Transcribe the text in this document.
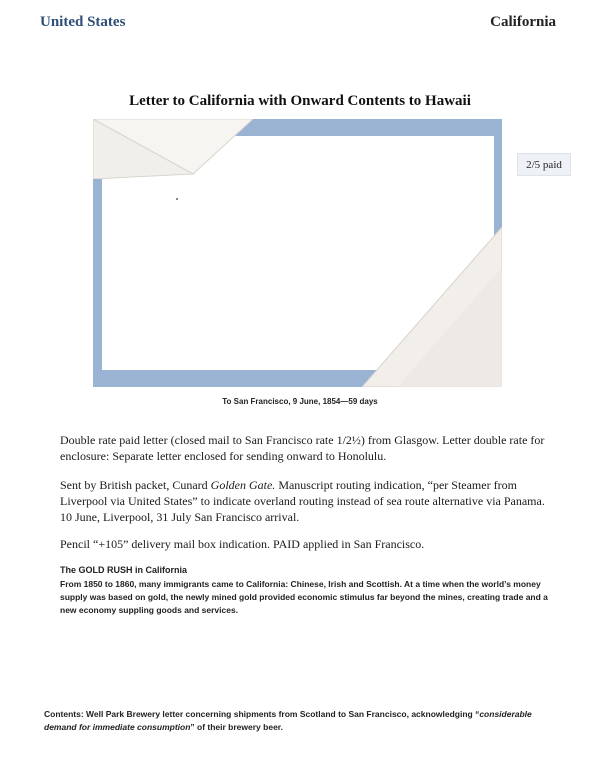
United States	California
Letter to California with Onward Contents to Hawaii
2/5 paid
To San Francisco, 9 June, 1854—59 days

Double rate paid letter (closed mail to San Francisco rate 1/2½) from Glasgow. Letter double rate for enclosure: Separate letter enclosed for sending onward to Honolulu.

Sent by British packet, Cunard Golden Gate. Manuscript routing indication, “per Steamer from Liverpool via United States” to indicate overland routing instead of sea route alternative via Panama.
10 June, Liverpool, 31 July San Francisco arrival.

Pencil “+105” delivery mail box indication. PAID applied in San Francisco.

The GOLD RUSH in California

From 1850 to 1860, many immigrants came to California: Chinese, Irish and Scottish. At a time when the world’s money supply was based on gold, the newly mined gold provided economic stimulus far beyond the mines, creating trade and a new economy suppling goods and services.

Contents: Well Park Brewery letter concerning shipments from Scotland to San Francisco, acknowledging “considerable demand for immediate consumption” of their brewery beer.
